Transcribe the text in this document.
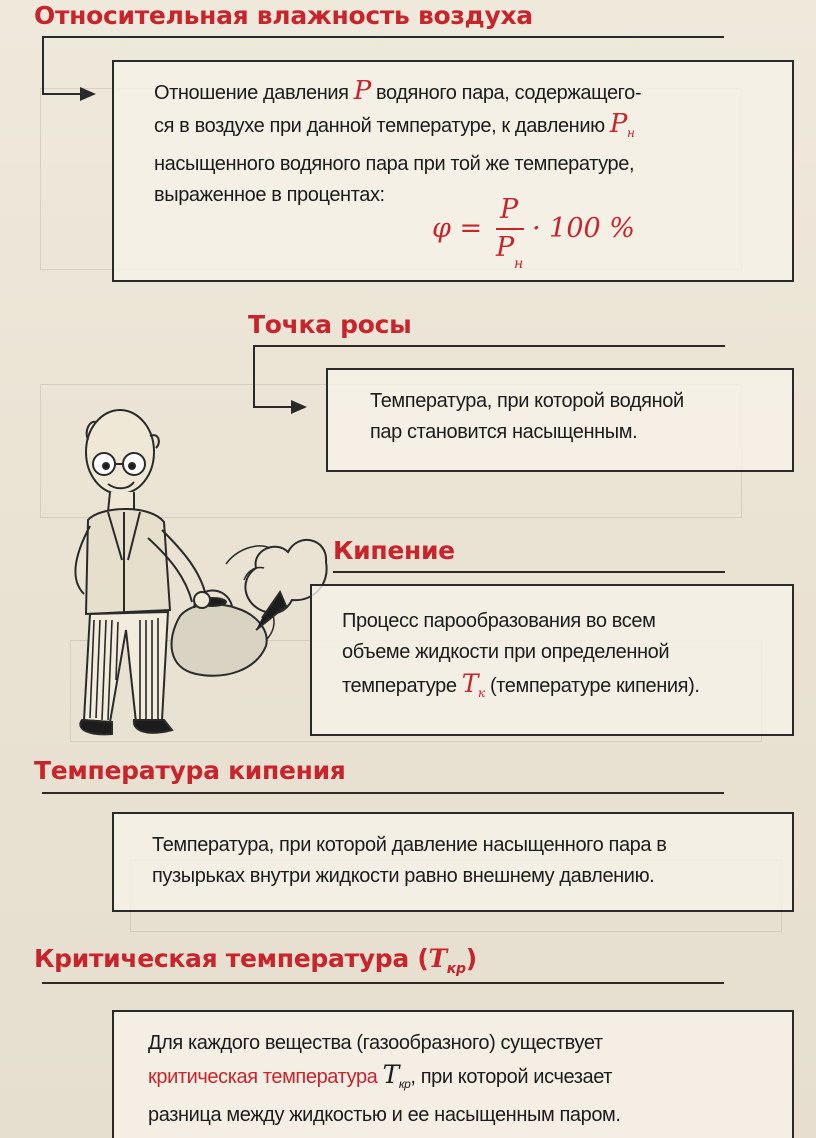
Относительная влажность воздуха
Отношение давления P водяного пара, содержащего-
ся в воздухе при данной температуре, к давлению $P_н$
насыщенного водяного пара при той же температуре,
выраженное в процентах:
φ =
P
P
н
· 100 %
Точка росы
Температура, при которой водяной
пар становится насыщенным.
Кипение
Процесс парообразования во всем
объеме жидкости при определенной
температуре $T_к$ (температуре кипения).
Температура кипения
Температура, при которой давление насыщенного пара в
пузырьках внутри жидкости равно внешнему давлению.
Критическая температура $(T_{кр})$
Для каждого вещества (газообразного) существует
критическая температура $T_{кр}$, при которой исчезает
разница между жидкостью и ее насыщенным паром.
